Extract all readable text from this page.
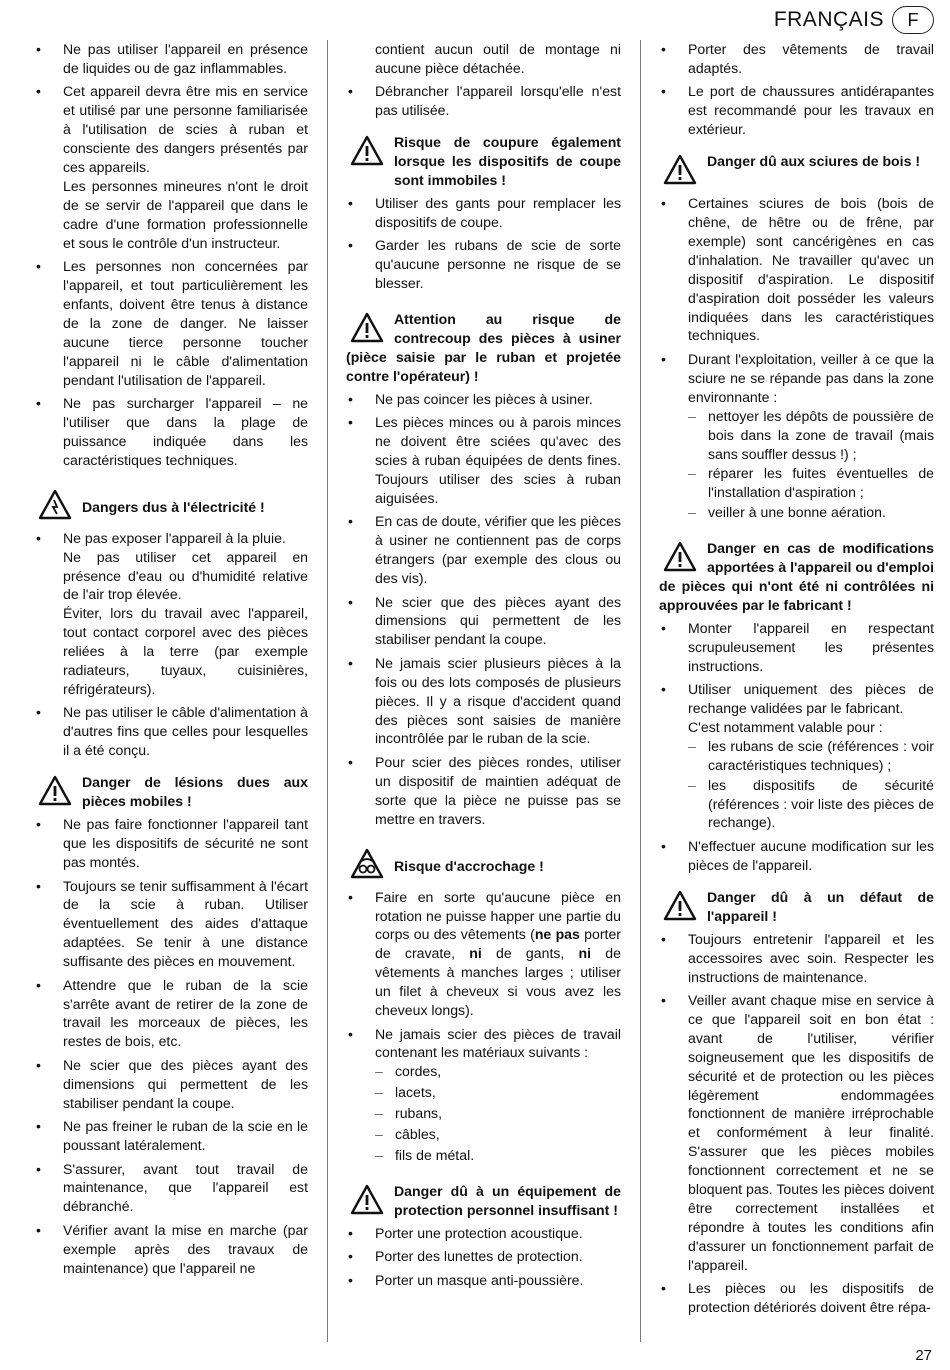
FRANÇAIS	F
• Ne pas utiliser l'appareil en présence de liquides ou de gaz inflammables.
• Cet appareil devra être mis en service et utilisé par une personne familiarisée à l'utilisation de scies à ruban et consciente des dangers présentés par ces appareils.
Les personnes mineures n'ont le droit de se servir de l'appareil que dans le cadre d'une formation professionnelle et sous le contrôle d'un instructeur.
• Les personnes non concernées par l'appareil, et tout particulièrement les enfants, doivent être tenus à distance de la zone de danger. Ne laisser aucune tierce personne toucher l'appareil ni le câble d'alimentation pendant l'utilisation de l'appareil.
• Ne pas surcharger l'appareil – ne l'utiliser que dans la plage de puissance indiquée dans les caractéristiques techniques.
Dangers dus à l'électricité !
• Ne pas exposer l'appareil à la pluie.
Ne pas utiliser cet appareil en présence d'eau ou d'humidité relative de l'air trop élevée.
Éviter, lors du travail avec l'appareil, tout contact corporel avec des pièces reliées à la terre (par exemple radiateurs, tuyaux, cuisinières, réfrigérateurs).
• Ne pas utiliser le câble d'alimentation à d'autres fins que celles pour lesquelles il a été conçu.
Danger de lésions dues aux pièces mobiles !
• Ne pas faire fonctionner l'appareil tant que les dispositifs de sécurité ne sont pas montés.
• Toujours se tenir suffisamment à l'écart de la scie à ruban. Utiliser éventuellement des aides d'attaque adaptées. Se tenir à une distance suffisante des pièces en mouvement.
• Attendre que le ruban de la scie s'arrête avant de retirer de la zone de travail les morceaux de pièces, les restes de bois, etc.
• Ne scier que des pièces ayant des dimensions qui permettent de les stabiliser pendant la coupe.
• Ne pas freiner le ruban de la scie en le poussant latéralement.
• S'assurer, avant tout travail de maintenance, que l'appareil est débranché.
• Vérifier avant la mise en marche (par exemple après des travaux de maintenance) que l'appareil ne
contient aucun outil de montage ni aucune pièce détachée.
• Débrancher l'appareil lorsqu'elle n'est pas utilisée.
Risque de coupure également lorsque les dispositifs de coupe sont immobiles !
• Utiliser des gants pour remplacer les dispositifs de coupe.
• Garder les rubans de scie de sorte qu'aucune personne ne risque de se blesser.
Attention au risque de contrecoup des pièces à usiner (pièce saisie par le ruban et projetée contre l'opérateur) !
• Ne pas coincer les pièces à usiner.
• Les pièces minces ou à parois minces ne doivent être sciées qu'avec des scies à ruban équipées de dents fines. Toujours utiliser des scies à ruban aiguisées.
• En cas de doute, vérifier que les pièces à usiner ne contiennent pas de corps étrangers (par exemple des clous ou des vis).
• Ne scier que des pièces ayant des dimensions qui permettent de les stabiliser pendant la coupe.
• Ne jamais scier plusieurs pièces à la fois ou des lots composés de plusieurs pièces. Il y a risque d'accident quand des pièces sont saisies de manière incontrôlée par le ruban de la scie.
• Pour scier des pièces rondes, utiliser un dispositif de maintien adéquat de sorte que la pièce ne puisse pas se mettre en travers.
Risque d'accrochage !
• Faire en sorte qu'aucune pièce en rotation ne puisse happer une partie du corps ou des vêtements (ne pas porter de cravate, ni de gants, ni de vêtements à manches larges ; utiliser un filet à cheveux si vous avez les cheveux longs).
• Ne jamais scier des pièces de travail contenant les matériaux suivants :
– cordes,
– lacets,
– rubans,
– câbles,
– fils de métal.
Danger dû à un équipement de protection personnel insuffisant !
• Porter une protection acoustique.
• Porter des lunettes de protection.
• Porter un masque anti-poussière.
• Porter des vêtements de travail adaptés.
• Le port de chaussures antidérapantes est recommandé pour les travaux en extérieur.
Danger dû aux sciures de bois !
• Certaines sciures de bois (bois de chêne, de hêtre ou de frêne, par exemple) sont cancérigènes en cas d'inhalation. Ne travailler qu'avec un dispositif d'aspiration. Le dispositif d'aspiration doit posséder les valeurs indiquées dans les caractéristiques techniques.
• Durant l'exploitation, veiller à ce que la sciure ne se répande pas dans la zone environnante :
– nettoyer les dépôts de poussière de bois dans la zone de travail (mais sans souffler dessus !) ;
– réparer les fuites éventuelles de l'installation d'aspiration ;
– veiller à une bonne aération.
Danger en cas de modifications apportées à l'appareil ou d'emploi de pièces qui n'ont été ni contrôlées ni approuvées par le fabricant !
• Monter l'appareil en respectant scrupuleusement les présentes instructions.
• Utiliser uniquement des pièces de rechange validées par le fabricant.
C'est notamment valable pour :
– les rubans de scie (références : voir caractéristiques techniques) ;
– les dispositifs de sécurité (références : voir liste des pièces de rechange).
• N'effectuer aucune modification sur les pièces de l'appareil.
Danger dû à un défaut de l'appareil !
• Toujours entretenir l'appareil et les accessoires avec soin. Respecter les instructions de maintenance.
• Veiller avant chaque mise en service à ce que l'appareil soit en bon état : avant de l'utiliser, vérifier soigneusement que les dispositifs de sécurité et de protection ou les pièces légèrement endommagées fonctionnent de manière irréprochable et conformément à leur finalité. S'assurer que les pièces mobiles fonctionnent correctement et ne se bloquent pas. Toutes les pièces doivent être correctement installées et répondre à toutes les conditions afin d'assurer un fonctionnement parfait de l'appareil.
• Les pièces ou les dispositifs de protection détériorés doivent être répa-
27
